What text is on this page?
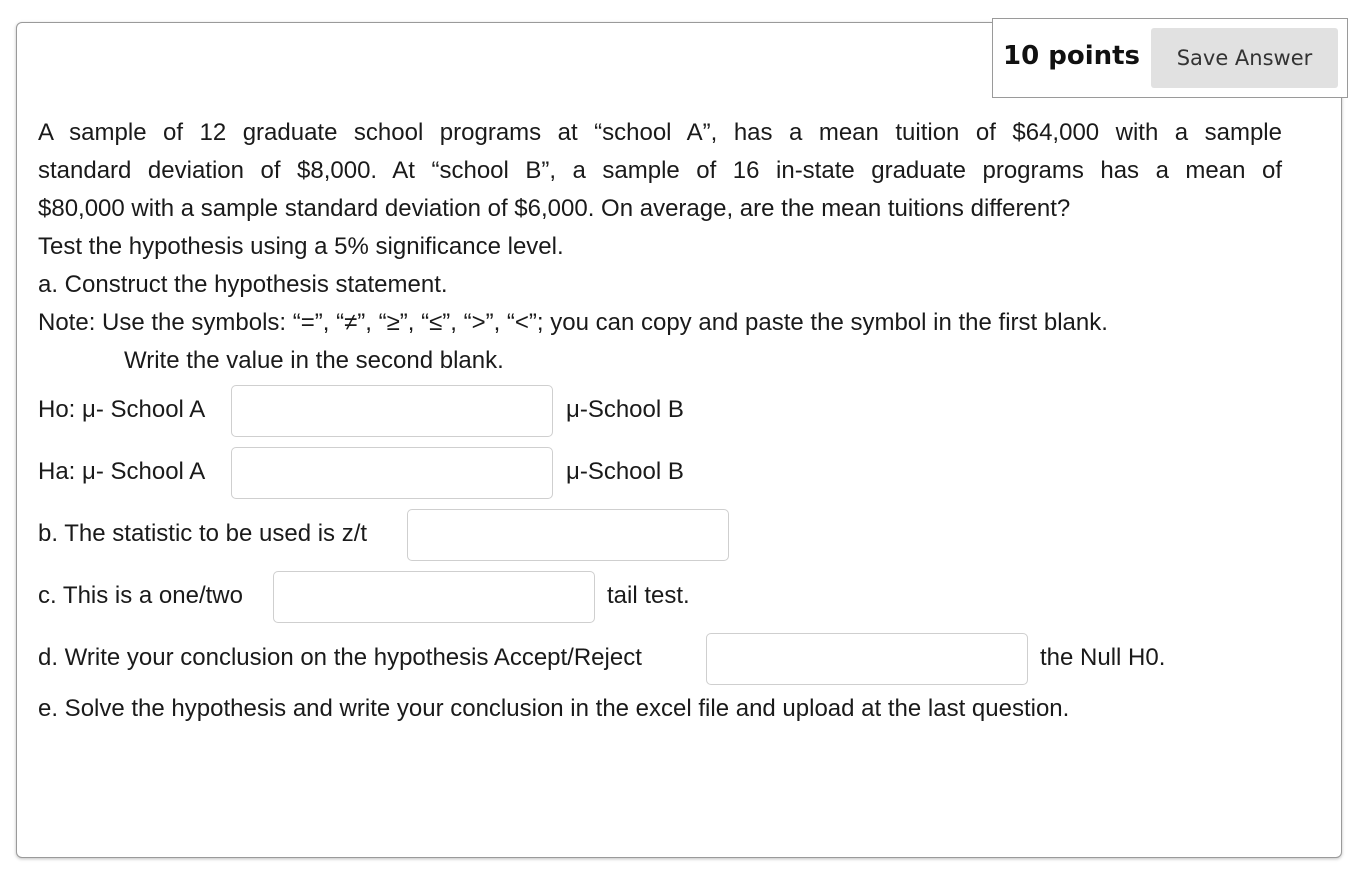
10 points	Save Answer
A sample of 12 graduate school programs at “school A”, has a mean tuition of $64,000 with a sample
standard deviation of $8,000. At “school B”, a sample of 16 in-state graduate programs has a mean of
$80,000 with a sample standard deviation of $6,000. On average, are the mean tuitions different?
Test the hypothesis using a 5% significance level.
a. Construct the hypothesis statement.
Note: Use the symbols: “=”, “≠”, “≥”, “≤”, “>”, “<”; you can copy and paste the symbol in the first blank.
Write the value in the second blank.
Ho: μ- School A	μ-School B
Ha: μ- School A	μ-School B
b. The statistic to be used is z/t
c. This is a one/two	tail test.
d. Write your conclusion on the hypothesis Accept/Reject	the Null H0.
e. Solve the hypothesis and write your conclusion in the excel file and upload at the last question.
